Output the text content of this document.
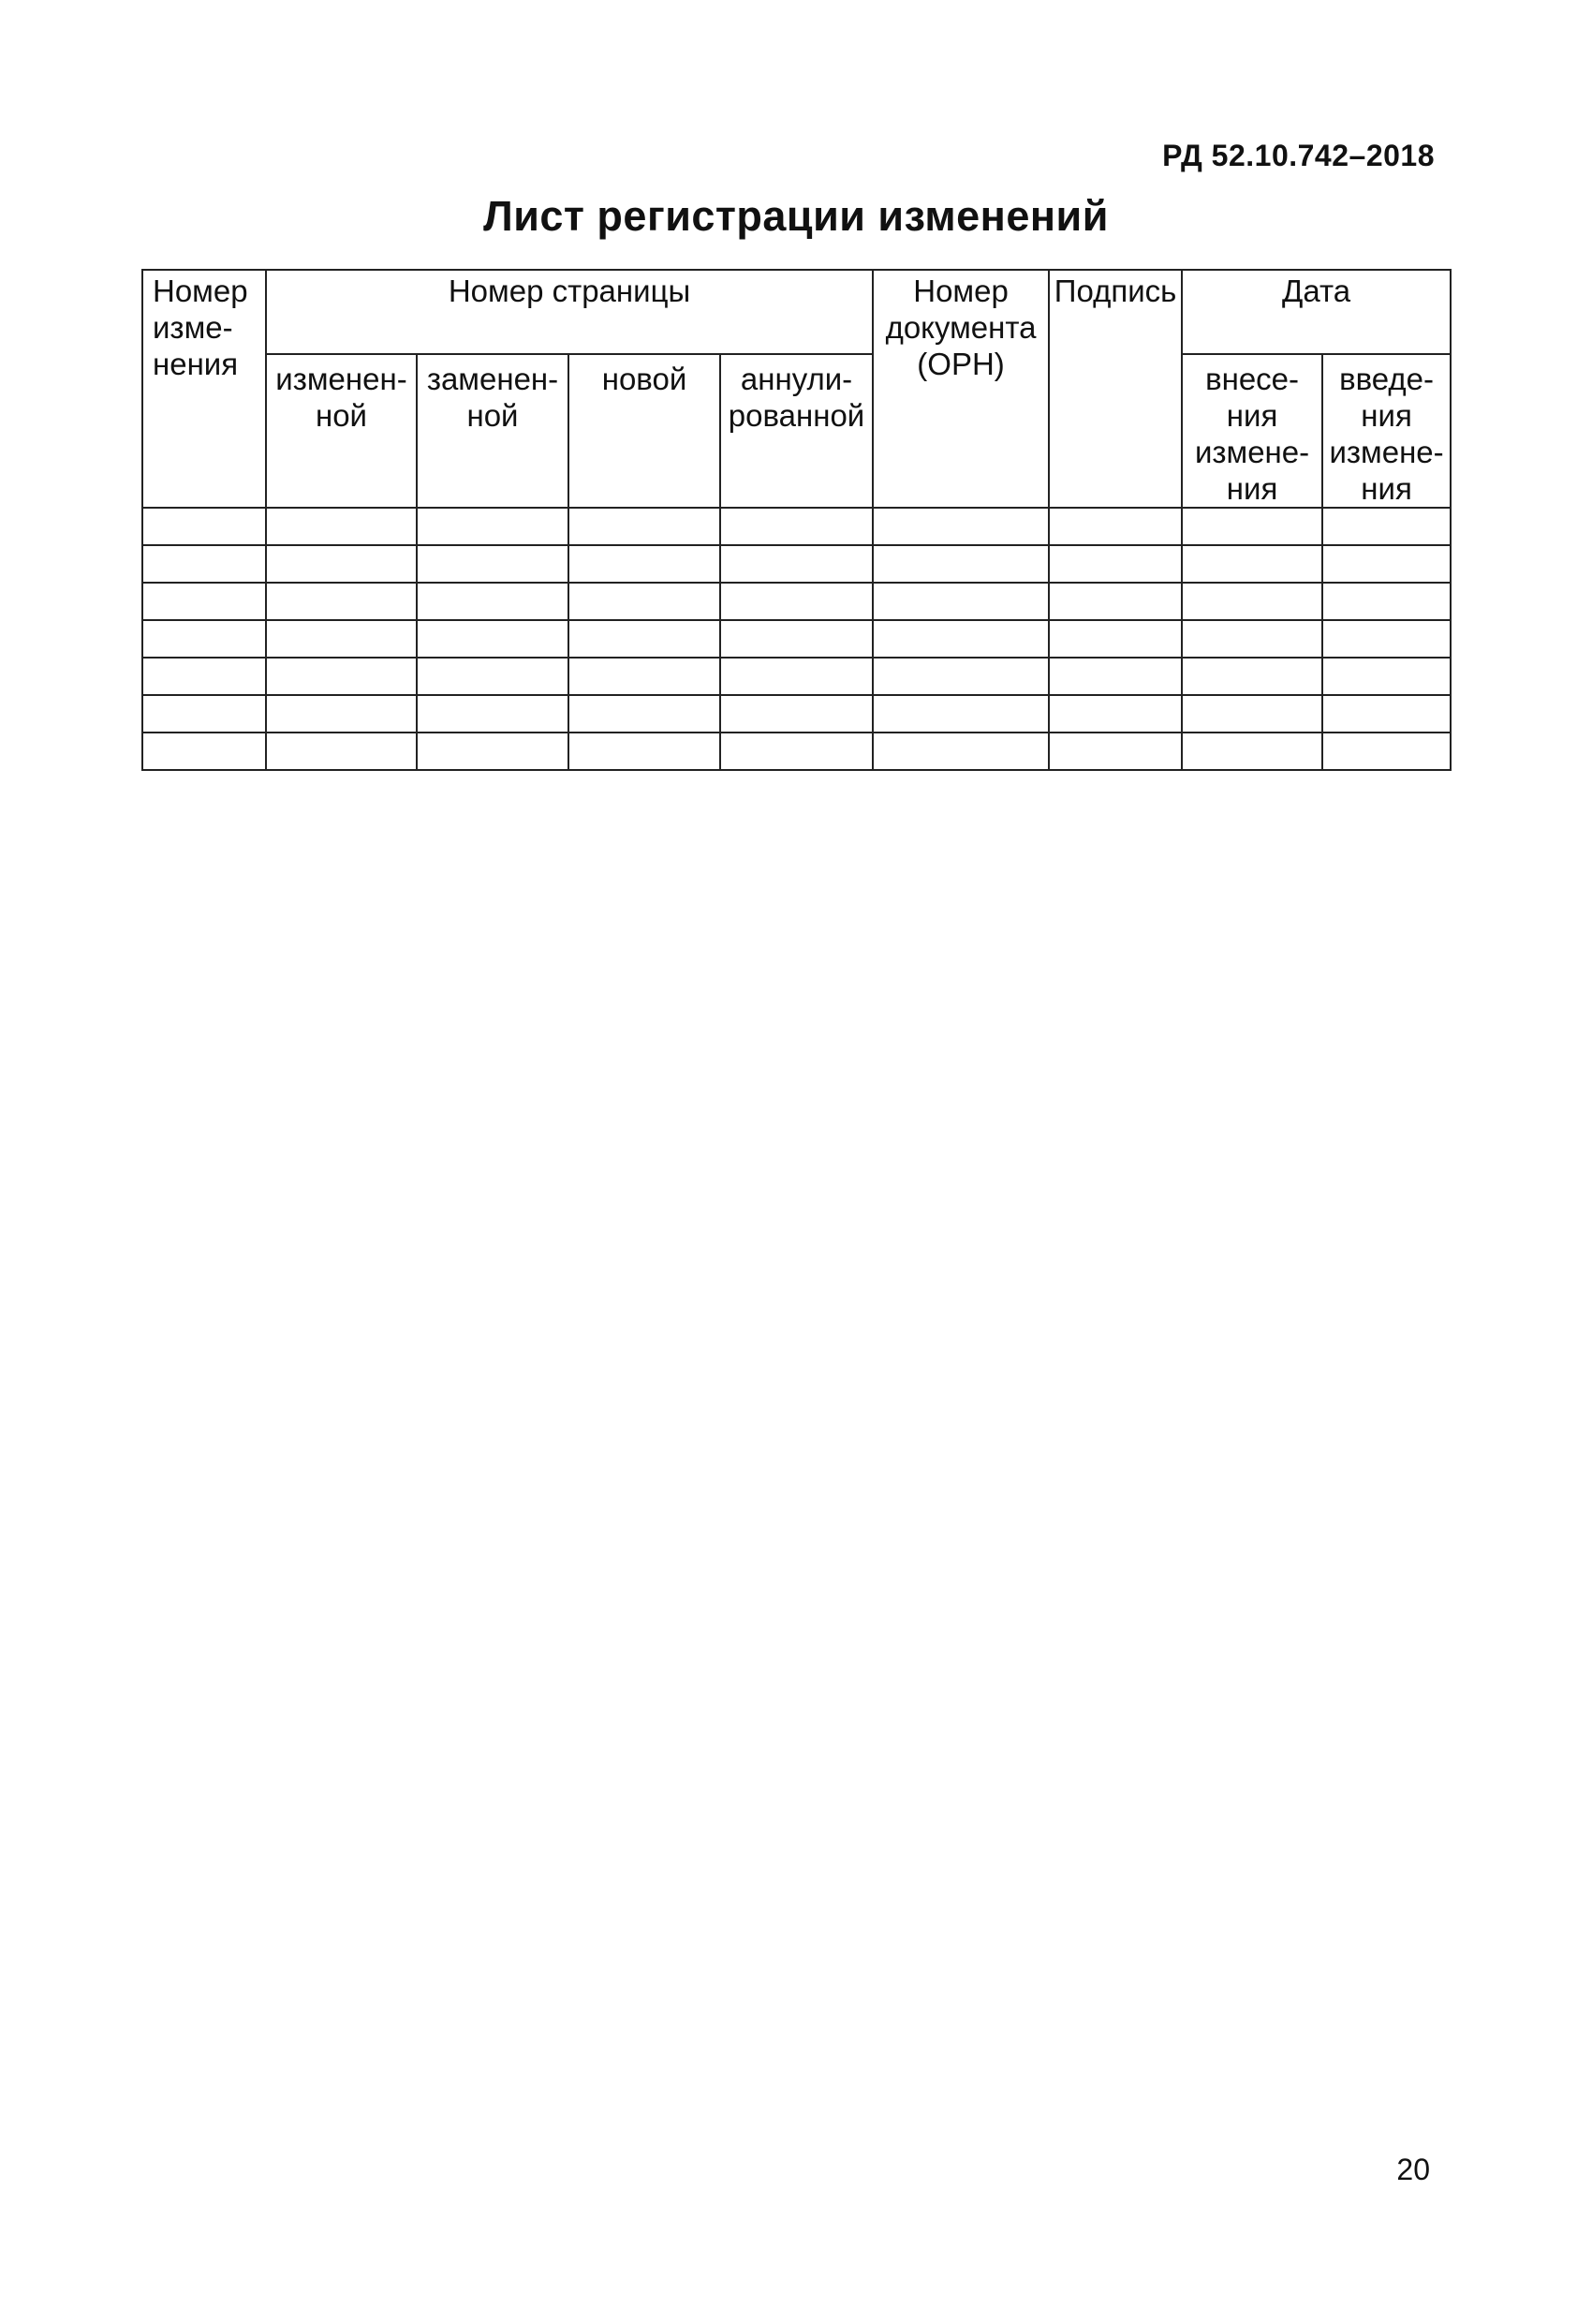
РД 52.10.742–2018
Лист регистрации изменений
Номер изме-нения	Номер страницы				Номер документа (ОРН)	Подпись	Дата	
	изменен-ной	заменен-ной	новой	аннули-рованной			внесе-ния измене-ния	введе-ния измене-ния

20
